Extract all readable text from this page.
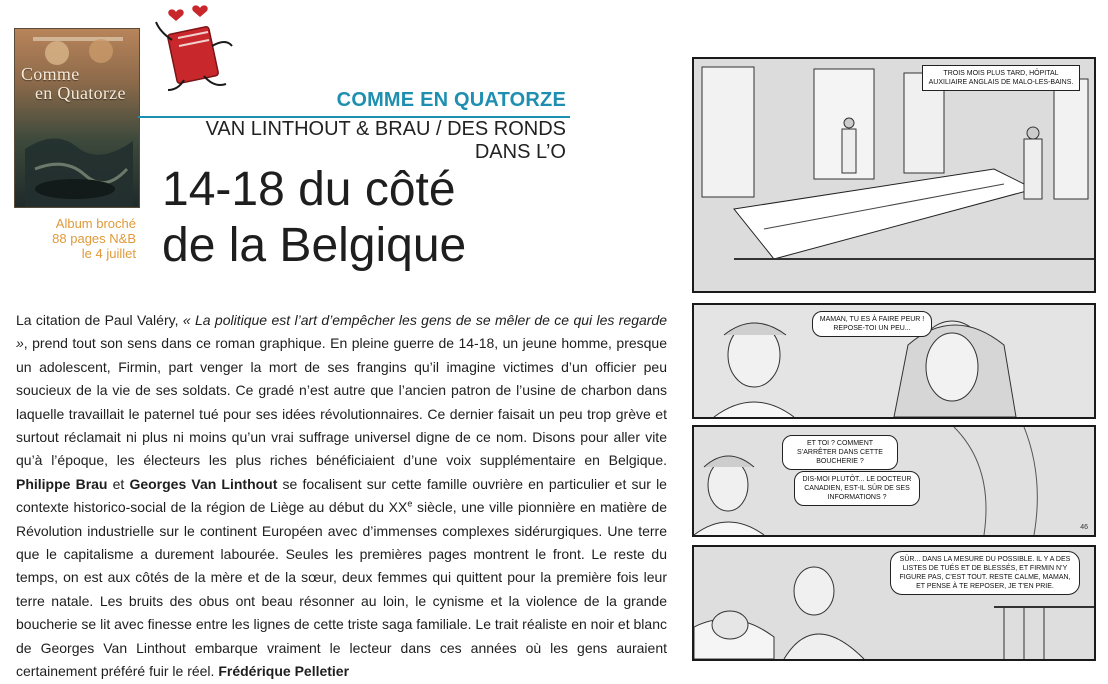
Comme
en Quatorze
Album broché
88 pages N&B
le 4 juillet
COMME EN QUATORZE
VAN LINTHOUT & BRAU / DES RONDS DANS L’O
14-18 du côté
de la Belgique

La citation de Paul Valéry, « La politique est l’art d’empêcher les gens de se mêler de ce qui les regarde », prend tout son sens dans ce roman graphique. En pleine guerre de 14-18, un jeune homme, presque un adolescent, Firmin, part venger la mort de ses frangins qu’il imagine victimes d’un officier peu soucieux de la vie de ses soldats. Ce gradé n’est autre que l’ancien patron de l’usine de charbon dans laquelle travaillait le paternel tué pour ses idées révolutionnaires. Ce dernier faisait un peu trop grève et surtout réclamait ni plus ni moins qu’un vrai suffrage universel digne de ce nom. Disons pour aller vite qu’à l’époque, les électeurs les plus riches bénéficiaient d’une voix supplémentaire en Belgique. Philippe Brau et Georges Van Linthout se focalisent sur cette famille ouvrière en particulier et sur le contexte historico-social de la région de Liège au début du XXe siècle, une ville pionnière en matière de Révolution industrielle sur le continent Européen avec d’immenses complexes sidérurgiques. Une terre que le capitalisme a durement labourée. Seules les premières pages montrent le front. Le reste du temps, on est aux côtés de la mère et de la sœur, deux femmes qui quittent pour la première fois leur terre natale. Les bruits des obus ont beau résonner au loin, le cynisme et la violence de la grande boucherie se lit avec finesse entre les lignes de cette triste saga familiale. Le trait réaliste en noir et blanc de Georges Van Linthout embarque vraiment le lecteur dans ces années où les gens auraient certainement préféré fuir le réel. Frédérique Pelletier

TROIS MOIS PLUS TARD, HÔPITAL AUXILIAIRE ANGLAIS DE MALO-LES-BAINS.
MAMAN, TU ES À FAIRE PEUR ! REPOSE-TOI UN PEU...
ET TOI ? COMMENT S’ARRÊTER DANS CETTE BOUCHERIE ?
DIS-MOI PLUTÔT... LE DOCTEUR CANADIEN, EST-IL SÛR DE SES INFORMATIONS ?
46
SÛR... DANS LA MESURE DU POSSIBLE. IL Y A DES LISTES DE TUÉS ET DE BLESSÉS, ET FIRMIN N’Y FIGURE PAS, C’EST TOUT. RESTE CALME, MAMAN, ET PENSE À TE REPOSER, JE T’EN PRIE.
